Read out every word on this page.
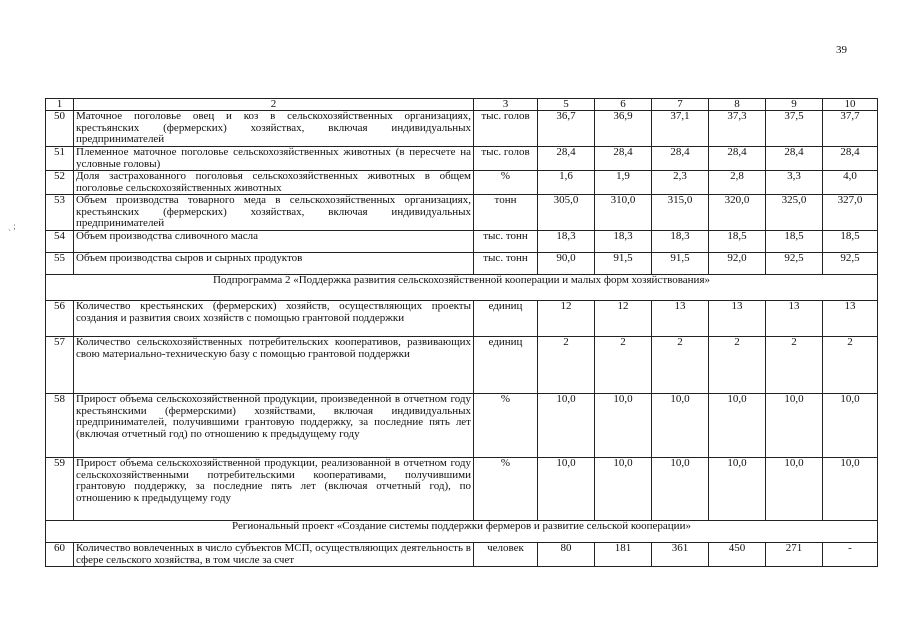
39
ˎ ;
1	2	3	5	6	7	8	9	10
50	Маточное поголовье овец и коз в сельскохозяйственных организациях, крестьянских (фермерских) хозяйствах, включая индивидуальных предпринимателей	тыс. голов	36,7	36,9	37,1	37,3	37,5	37,7
51	Племенное маточное поголовье сельскохозяйственных животных (в пересчете на условные головы)	тыс. голов	28,4	28,4	28,4	28,4	28,4	28,4
52	Доля застрахованного поголовья сельскохозяйственных животных в общем поголовье сельскохозяйственных животных	%	1,6	1,9	2,3	2,8	3,3	4,0
53	Объем производства товарного меда в сельскохозяйственных организациях, крестьянских (фермерских) хозяйствах, включая индивидуальных предпринимателей	тонн	305,0	310,0	315,0	320,0	325,0	327,0
54	Объем производства сливочного масла	тыс. тонн	18,3	18,3	18,3	18,5	18,5	18,5
55	Объем производства сыров и сырных продуктов	тыс. тонн	90,0	91,5	91,5	92,0	92,5	92,5
Подпрограмма 2 «Поддержка развития сельскохозяйственной кооперации и малых форм хозяйствования»								
56	Количество крестьянских (фермерских) хозяйств, осуществляющих проекты создания и развития своих хозяйств с помощью грантовой поддержки	единиц	12	12	13	13	13	13
57	Количество сельскохозяйственных потребительских кооперативов, развивающих свою материально-техническую базу с помощью грантовой поддержки	единиц	2	2	2	2	2	2
58	Прирост объема сельскохозяйственной продукции, произведенной в отчетном году крестьянскими (фермерскими) хозяйствами, включая индивидуальных предпринимателей, получившими грантовую поддержку, за последние пять лет (включая отчетный год) по отношению к предыдущему году	%	10,0	10,0	10,0	10,0	10,0	10,0
59	Прирост объема сельскохозяйственной продукции, реализованной в отчетном году сельскохозяйственными потребительскими кооперативами, получившими грантовую поддержку, за последние пять лет (включая отчетный год), по отношению к предыдущему году	%	10,0	10,0	10,0	10,0	10,0	10,0
Региональный проект «Создание системы поддержки фермеров и развитие сельской кооперации»								
60	Количество вовлеченных в число субъектов МСП, осуществляющих деятельность в сфере сельского хозяйства, в том числе за счет	человек	80	181	361	450	271	-
